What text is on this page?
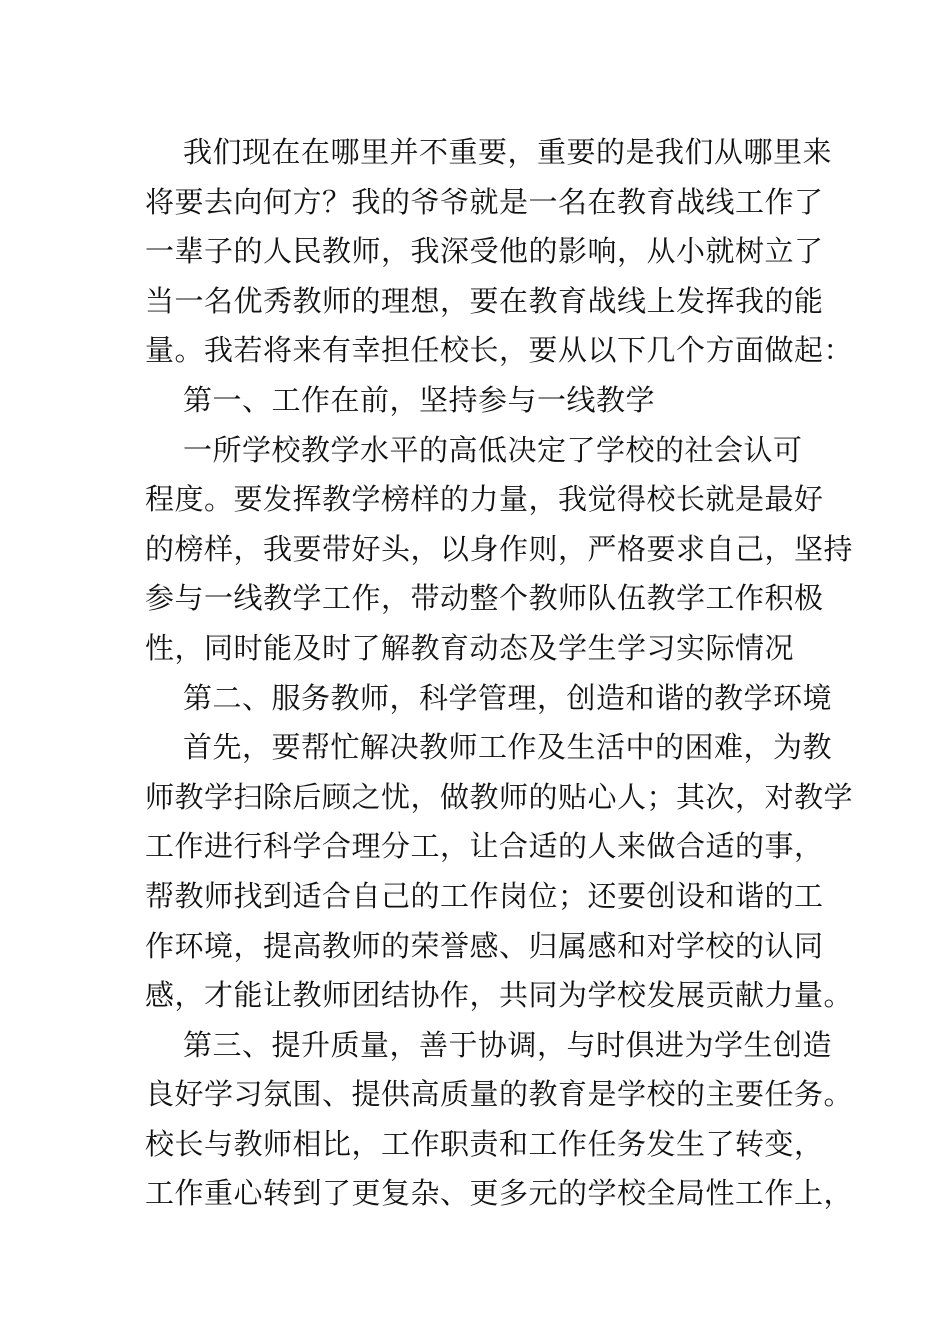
我们现在在哪里并不重要，重要的是我们从哪里来
将要去向何方？我的爷爷就是一名在教育战线工作了
一辈子的人民教师，我深受他的影响，从小就树立了
当一名优秀教师的理想，要在教育战线上发挥我的能
量。我若将来有幸担任校长，要从以下几个方面做起：
第一、工作在前，坚持参与一线教学
一所学校教学水平的高低决定了学校的社会认可
程度。要发挥教学榜样的力量，我觉得校长就是最好
的榜样，我要带好头，以身作则，严格要求自己，坚持
参与一线教学工作，带动整个教师队伍教学工作积极
性，同时能及时了解教育动态及学生学习实际情况
第二、服务教师，科学管理，创造和谐的教学环境
首先，要帮忙解决教师工作及生活中的困难，为教
师教学扫除后顾之忧，做教师的贴心人；其次，对教学
工作进行科学合理分工，让合适的人来做合适的事，
帮教师找到适合自己的工作岗位；还要创设和谐的工
作环境，提高教师的荣誉感、归属感和对学校的认同
感，才能让教师团结协作，共同为学校发展贡献力量。
第三、提升质量，善于协调，与时俱进为学生创造
良好学习氛围、提供高质量的教育是学校的主要任务。
校长与教师相比，工作职责和工作任务发生了转变，
工作重心转到了更复杂、更多元的学校全局性工作上，
